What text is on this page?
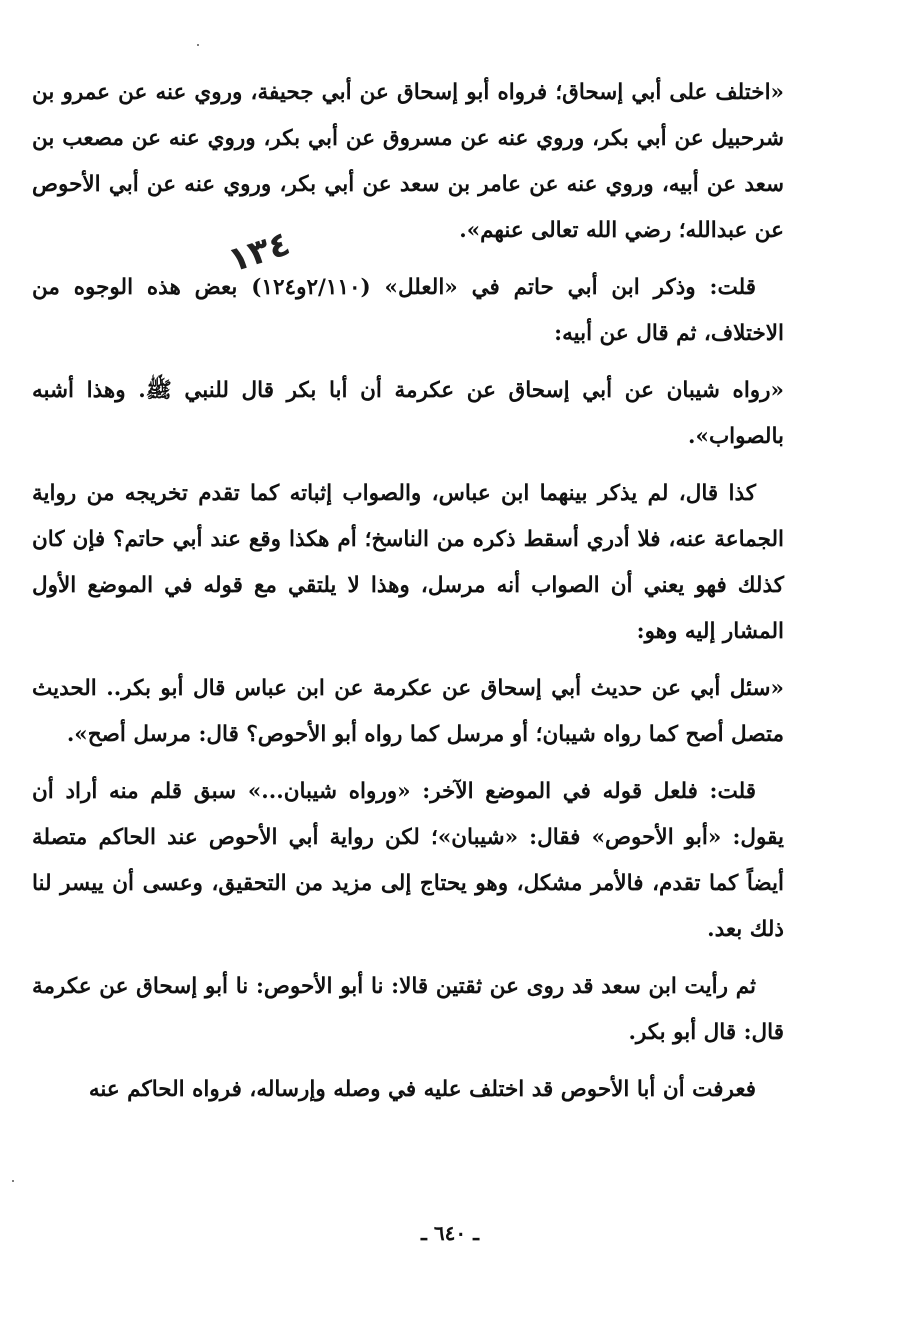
«اختلف على أبي إسحاق؛ فرواه أبو إسحاق عن أبي جحيفة، وروي عنه عن عمرو بن شرحبيل عن أبي بكر، وروي عنه عن مسروق عن أبي بكر، وروي عنه عن مصعب بن سعد عن أبيه، وروي عنه عن عامر بن سعد عن أبي بكر، وروي عنه عن أبي الأحوص عن عبدالله؛ رضي الله تعالى عنهم».

قلت: وذكر ابن أبي حاتم في «العلل» (٢/١١٠و١٢٤) بعض هذه الوجوه من الاختلاف، ثم قال عن أبيه:

«رواه شيبان عن أبي إسحاق عن عكرمة أن أبا بكر قال للنبي ﷺ. وهذا أشبه بالصواب».

كذا قال، لم يذكر بينهما ابن عباس، والصواب إثباته كما تقدم تخريجه من رواية الجماعة عنه، فلا أدري أسقط ذكره من الناسخ؛ أم هكذا وقع عند أبي حاتم؟ فإن كان كذلك فهو يعني أن الصواب أنه مرسل، وهذا لا يلتقي مع قوله في الموضع الأول المشار إليه وهو:

«سئل أبي عن حديث أبي إسحاق عن عكرمة عن ابن عباس قال أبو بكر.. الحديث متصل أصح كما رواه شيبان؛ أو مرسل كما رواه أبو الأحوص؟ قال: مرسل أصح».

قلت: فلعل قوله في الموضع الآخر: «ورواه شيبان...» سبق قلم منه أراد أن يقول: «أبو الأحوص» فقال: «شيبان»؛ لكن رواية أبي الأحوص عند الحاكم متصلة أيضاً كما تقدم، فالأمر مشكل، وهو يحتاج إلى مزيد من التحقيق، وعسى أن ييسر لنا ذلك بعد.

ثم رأيت ابن سعد قد روى عن ثقتين قالا: نا أبو الأحوص: نا أبو إسحاق عن عكرمة قال: قال أبو بكر.

فعرفت أن أبا الأحوص قد اختلف عليه في وصله وإرساله، فرواه الحاكم عنه

١٣٤
ـ ٦٤٠ ـ
